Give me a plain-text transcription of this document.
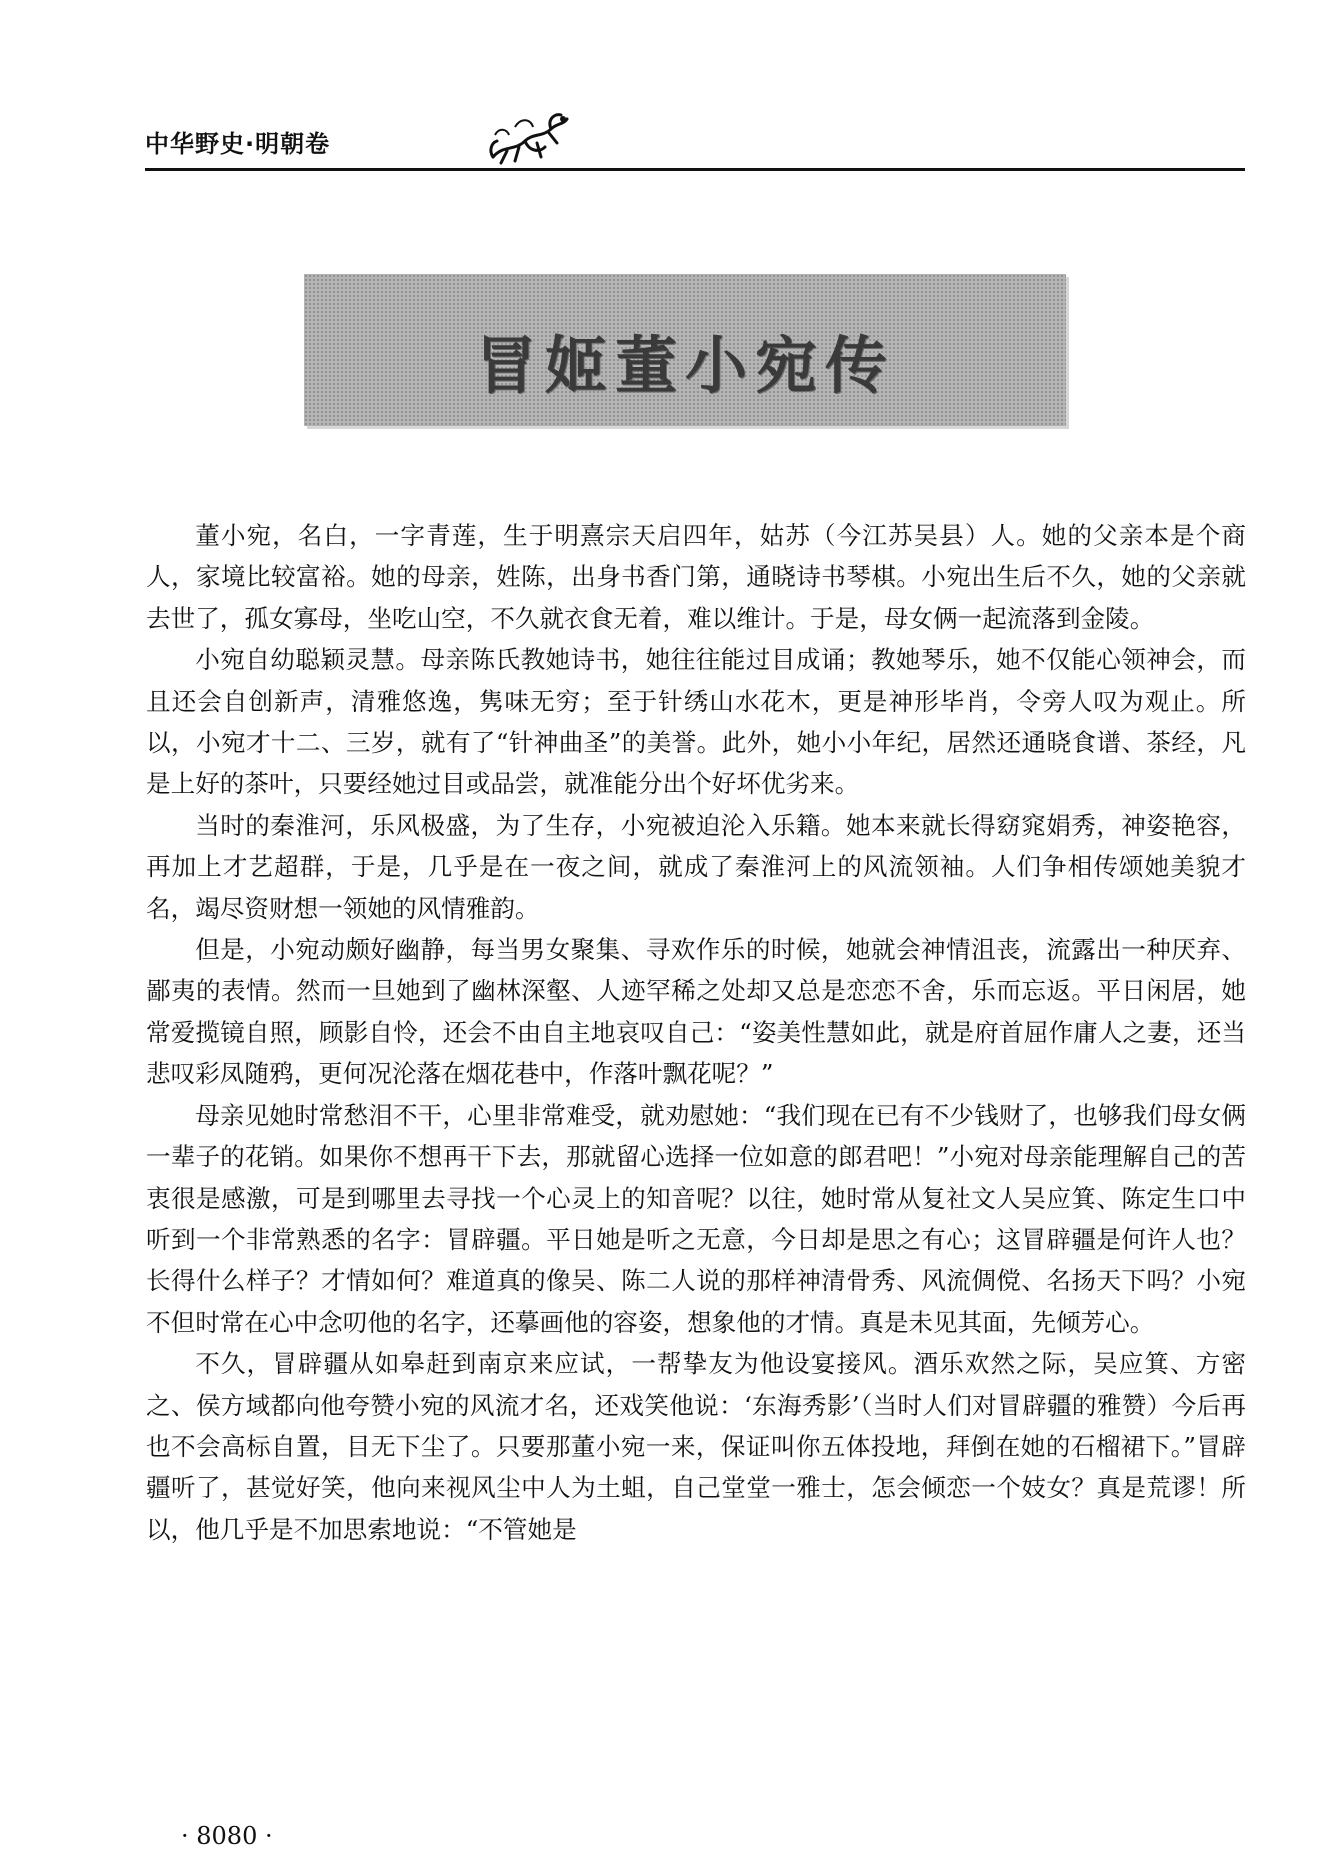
中华野史·明朝卷
冒姬董小宛传

董小宛，名白，一字青莲，生于明熹宗天启四年，姑苏（今江苏吴县）人。她的父亲本是个商人，家境比较富裕。她的母亲，姓陈，出身书香门第，通晓诗书琴棋。小宛出生后不久，她的父亲就去世了，孤女寡母，坐吃山空，不久就衣食无着，难以维计。于是，母女俩一起流落到金陵。

小宛自幼聪颖灵慧。母亲陈氏教她诗书，她往往能过目成诵；教她琴乐，她不仅能心领神会，而且还会自创新声，清雅悠逸，隽味无穷；至于针绣山水花木，更是神形毕肖，令旁人叹为观止。所以，小宛才十二、三岁，就有了“针神曲圣”的美誉。此外，她小小年纪，居然还通晓食谱、茶经，凡是上好的茶叶，只要经她过目或品尝，就准能分出个好坏优劣来。

当时的秦淮河，乐风极盛，为了生存，小宛被迫沦入乐籍。她本来就长得窈窕娟秀，神姿艳容，再加上才艺超群，于是，几乎是在一夜之间，就成了秦淮河上的风流领袖。人们争相传颂她美貌才名，竭尽资财想一领她的风情雅韵。

但是，小宛动颇好幽静，每当男女聚集、寻欢作乐的时候，她就会神情沮丧，流露出一种厌弃、鄙夷的表情。然而一旦她到了幽林深壑、人迹罕稀之处却又总是恋恋不舍，乐而忘返。平日闲居，她常爱揽镜自照，顾影自怜，还会不由自主地哀叹自己：“姿美性慧如此，就是府首屈作庸人之妻，还当悲叹彩凤随鸦，更何况沦落在烟花巷中，作落叶飘花呢？”

母亲见她时常愁泪不干，心里非常难受，就劝慰她：“我们现在已有不少钱财了，也够我们母女俩一辈子的花销。如果你不想再干下去，那就留心选择一位如意的郎君吧！”小宛对母亲能理解自己的苦衷很是感激，可是到哪里去寻找一个心灵上的知音呢？以往，她时常从复社文人吴应箕、陈定生口中听到一个非常熟悉的名字：冒辟疆。平日她是听之无意，今日却是思之有心；这冒辟疆是何许人也？长得什么样子？才情如何？难道真的像吴、陈二人说的那样神清骨秀、风流倜傥、名扬天下吗？小宛不但时常在心中念叨他的名字，还摹画他的容姿，想象他的才情。真是未见其面，先倾芳心。

不久，冒辟疆从如皋赶到南京来应试，一帮挚友为他设宴接风。酒乐欢然之际，吴应箕、方密之、侯方域都向他夸赞小宛的风流才名，还戏笑他说：‘东海秀影’（当时人们对冒辟疆的雅赞）今后再也不会高标自置，目无下尘了。只要那董小宛一来，保证叫你五体投地，拜倒在她的石榴裙下。”冒辟疆听了，甚觉好笑，他向来视风尘中人为土蛆，自己堂堂一雅士，怎会倾恋一个妓女？真是荒谬！所以，他几乎是不加思索地说：“不管她是

· 8080 ·
